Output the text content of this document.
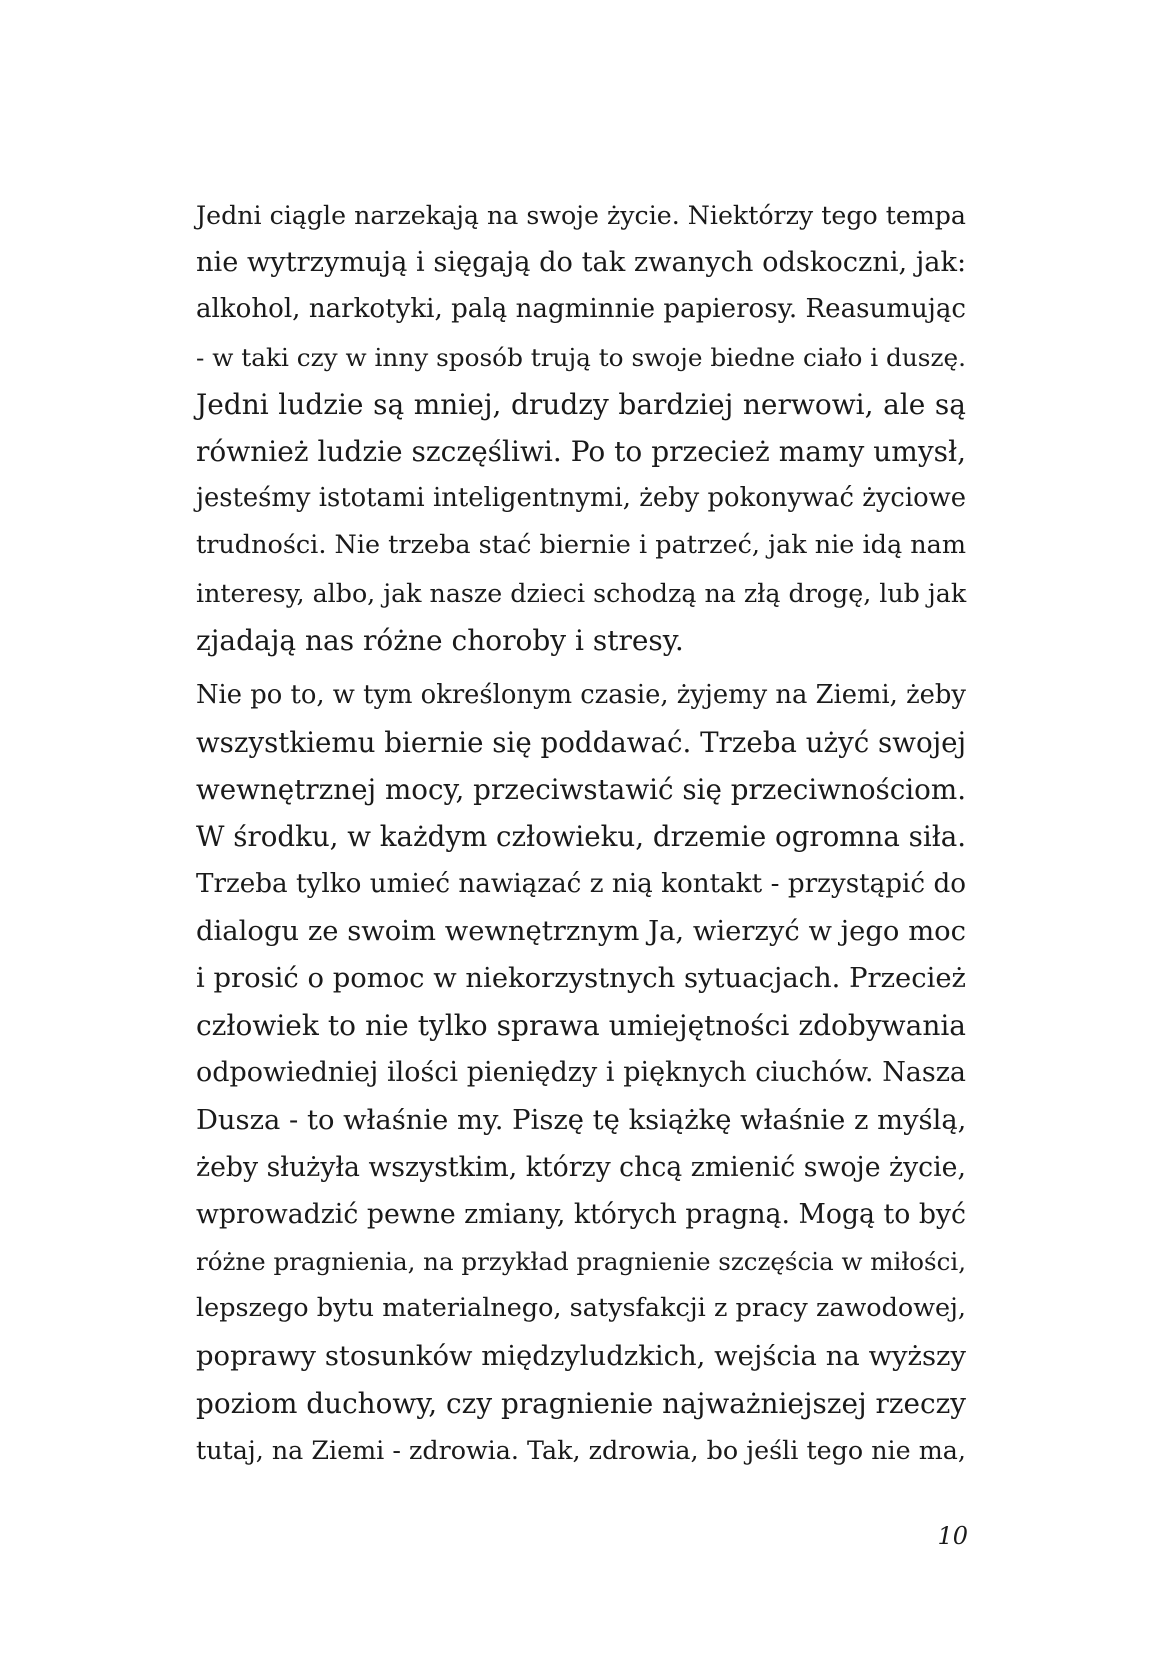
Jedni ciągle narzekają na swoje życie. Niektórzy tego tempa
nie wytrzymują i sięgają do tak zwanych odskoczni, jak:
alkohol, narkotyki, palą nagminnie papierosy. Reasumując
- w taki czy w inny sposób trują to swoje biedne ciało i duszę.
Jedni ludzie są mniej, drudzy bardziej nerwowi, ale są
również ludzie szczęśliwi. Po to przecież mamy umysł,
jesteśmy istotami inteligentnymi, żeby pokonywać życiowe
trudności. Nie trzeba stać biernie i patrzeć, jak nie idą nam
interesy, albo, jak nasze dzieci schodzą na złą drogę, lub jak
zjadają nas różne choroby i stresy.

Nie po to, w tym określonym czasie, żyjemy na Ziemi, żeby
wszystkiemu biernie się poddawać. Trzeba użyć swojej
wewnętrznej mocy, przeciwstawić się przeciwnościom.
W środku, w każdym człowieku, drzemie ogromna siła.
Trzeba tylko umieć nawiązać z nią kontakt - przystąpić do
dialogu ze swoim wewnętrznym Ja, wierzyć w jego moc
i prosić o pomoc w niekorzystnych sytuacjach. Przecież
człowiek to nie tylko sprawa umiejętności zdobywania
odpowiedniej ilości pieniędzy i pięknych ciuchów. Nasza
Dusza - to właśnie my. Piszę tę książkę właśnie z myślą,
żeby służyła wszystkim, którzy chcą zmienić swoje życie,
wprowadzić pewne zmiany, których pragną. Mogą to być
różne pragnienia, na przykład pragnienie szczęścia w miłości,
lepszego bytu materialnego, satysfakcji z pracy zawodowej,
poprawy stosunków międzyludzkich, wejścia na wyższy
poziom duchowy, czy pragnienie najważniejszej rzeczy
tutaj, na Ziemi - zdrowia. Tak, zdrowia, bo jeśli tego nie ma,

10
